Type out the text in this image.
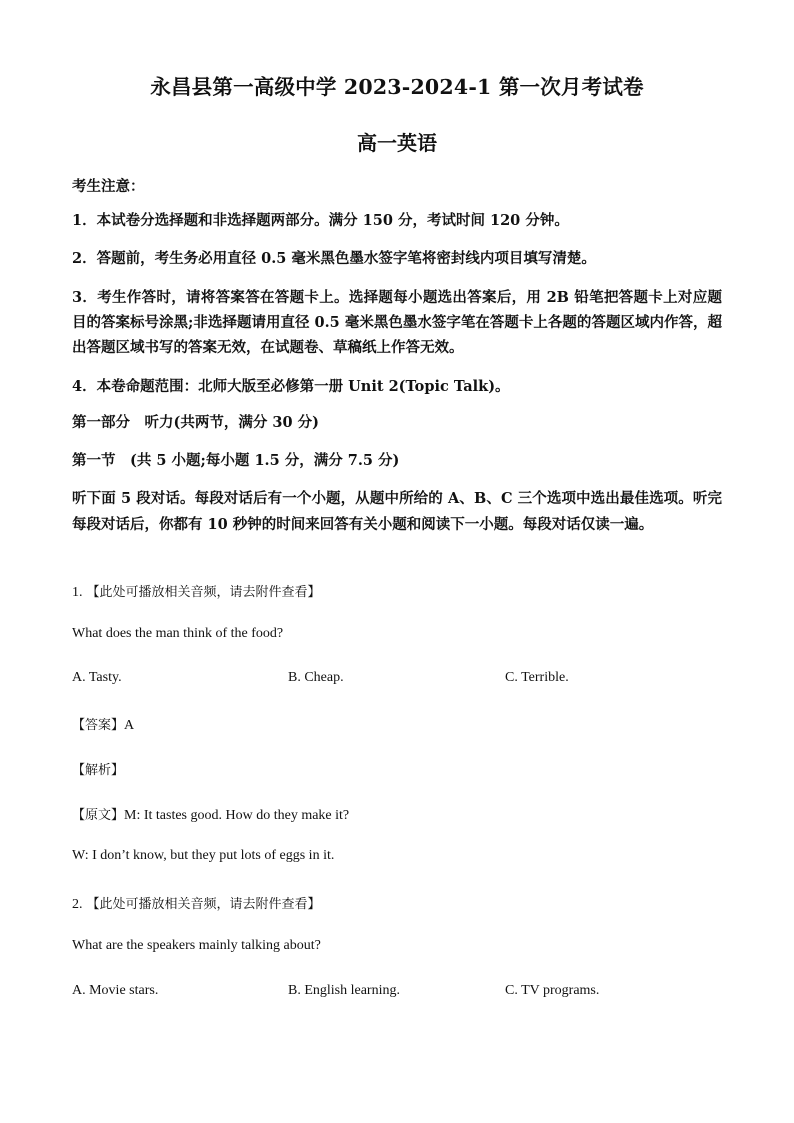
永昌县第一高级中学 2023-2024-1 第一次月考试卷
高一英语
考生注意：
1．本试卷分选择题和非选择题两部分。满分 150 分，考试时间 120 分钟。
2．答题前，考生务必用直径 0.5 毫米黑色墨水签字笔将密封线内项目填写清楚。
3．考生作答时，请将答案答在答题卡上。选择题每小题选出答案后，用 2B 铅笔把答题卡上对应题目的答案标号涂黑;非选择题请用直径 0.5 毫米黑色墨水签字笔在答题卡上各题的答题区域内作答，超出答题区域书写的答案无效，在试题卷、草稿纸上作答无效。
4．本卷命题范围：北师大版至必修第一册 Unit 2(Topic Talk)。
第一部分　听力(共两节，满分 30 分)
第一节　(共 5 小题;每小题 1.5 分，满分 7.5 分)
听下面 5 段对话。每段对话后有一个小题，从题中所给的 A、B、C 三个选项中选出最佳选项。听完每段对话后，你都有 10 秒钟的时间来回答有关小题和阅读下一小题。每段对话仅读一遍。
1. 【此处可播放相关音频，请去附件查看】
What does the man think of the food?
A. Tasty.	B. Cheap.	C. Terrible.
【答案】A
【解析】
【原文】M: It tastes good. How do they make it?
W: I don’t know, but they put lots of eggs in it.
2. 【此处可播放相关音频，请去附件查看】
What are the speakers mainly talking about?
A. Movie stars.	B. English learning.	C. TV programs.
